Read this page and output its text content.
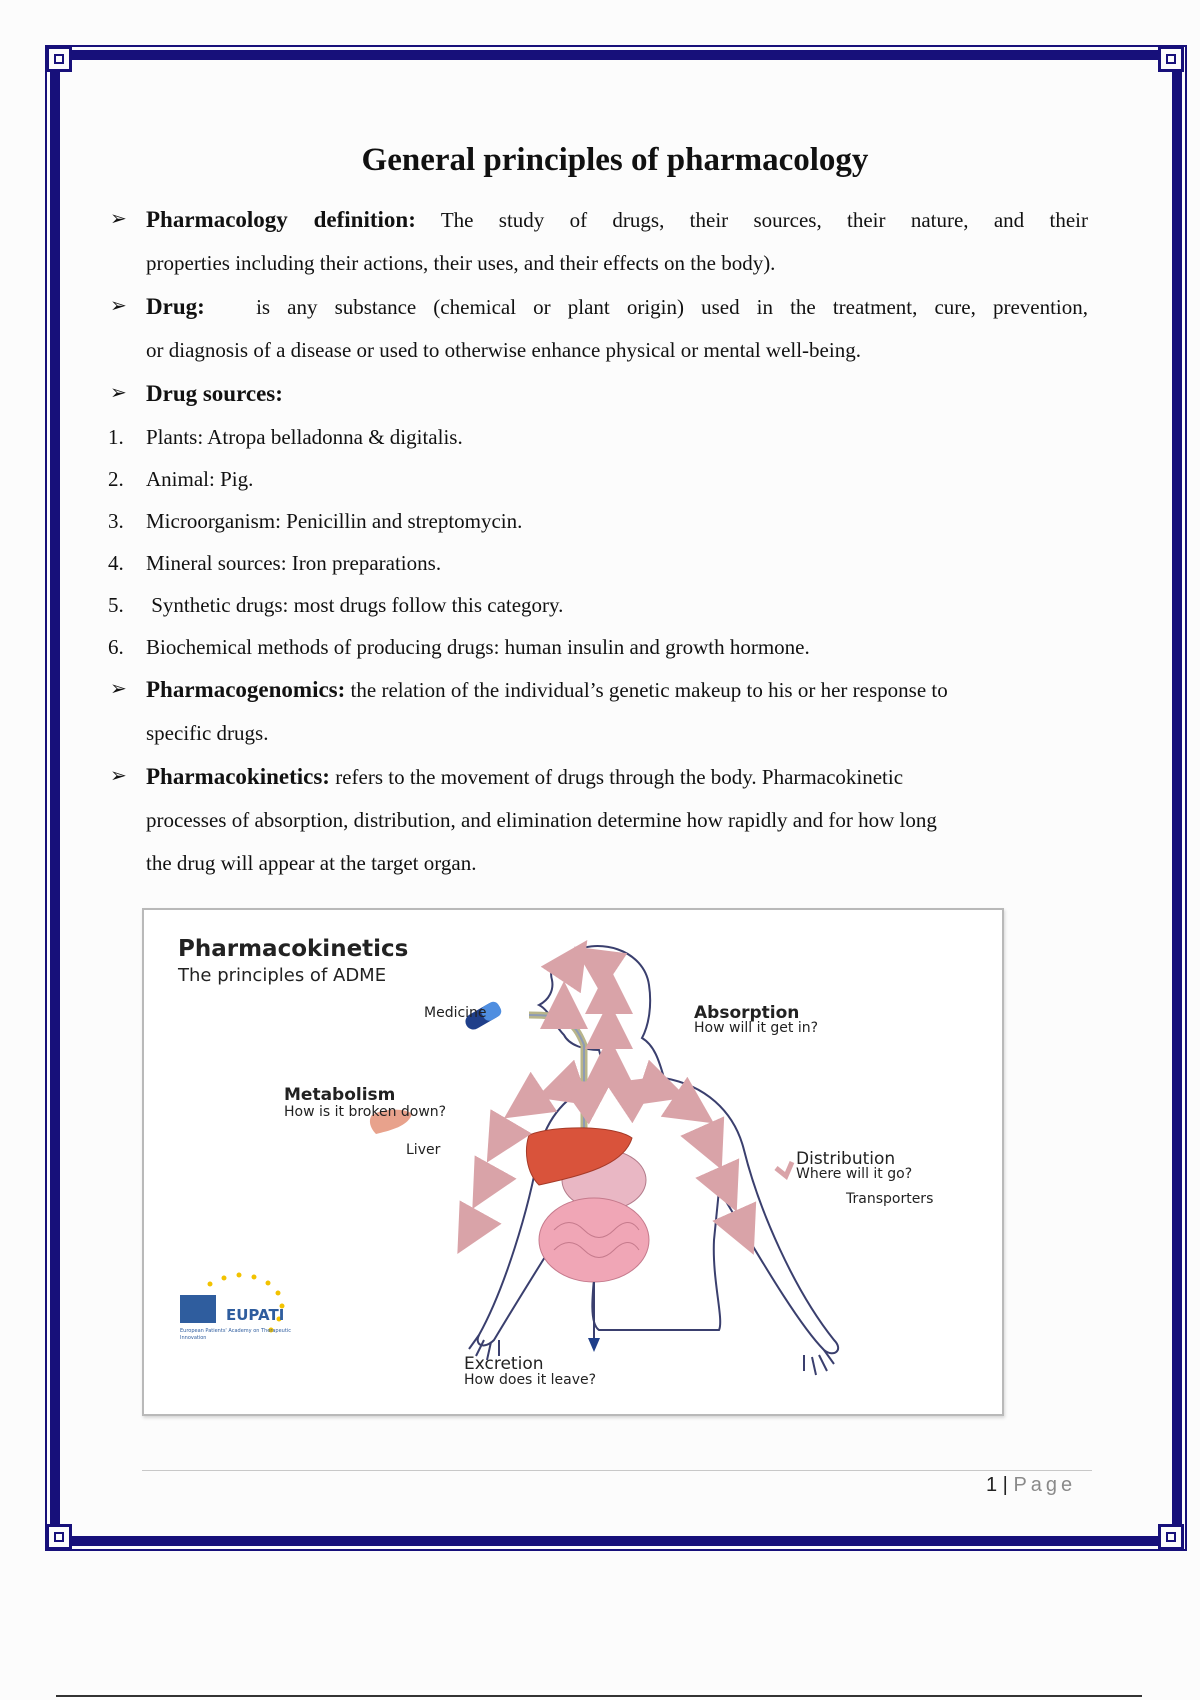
General principles of pharmacology
➢ Pharmacology definition: The study of drugs, their sources, their nature, and their
properties including their actions, their uses, and their effects on the body).
➢ Drug: is any substance (chemical or plant origin) used in the treatment, cure, prevention,
or diagnosis of a disease or used to otherwise enhance physical or mental well-being.
➢ Drug sources:
1. Plants: Atropa belladonna & digitalis.
2. Animal: Pig.
3. Microorganism: Penicillin and streptomycin.
4. Mineral sources: Iron preparations.
5. Synthetic drugs: most drugs follow this category.
6. Biochemical methods of producing drugs: human insulin and growth hormone.
➢ Pharmacogenomics: the relation of the individual’s genetic makeup to his or her response to
specific drugs.
➢ Pharmacokinetics: refers to the movement of drugs through the body. Pharmacokinetic
processes of absorption, distribution, and elimination determine how rapidly and for how long
the drug will appear at the target organ.
Pharmacokinetics
The principles of ADME
Medicine	Absorption
How will it get in?
Metabolism
How is it broken down?
Liver	Distribution
Where will it go?
Transporters
Excretion
How does it leave?
EUPATI
European Patients' Academy on Therapeutic Innovation
1 | Page
